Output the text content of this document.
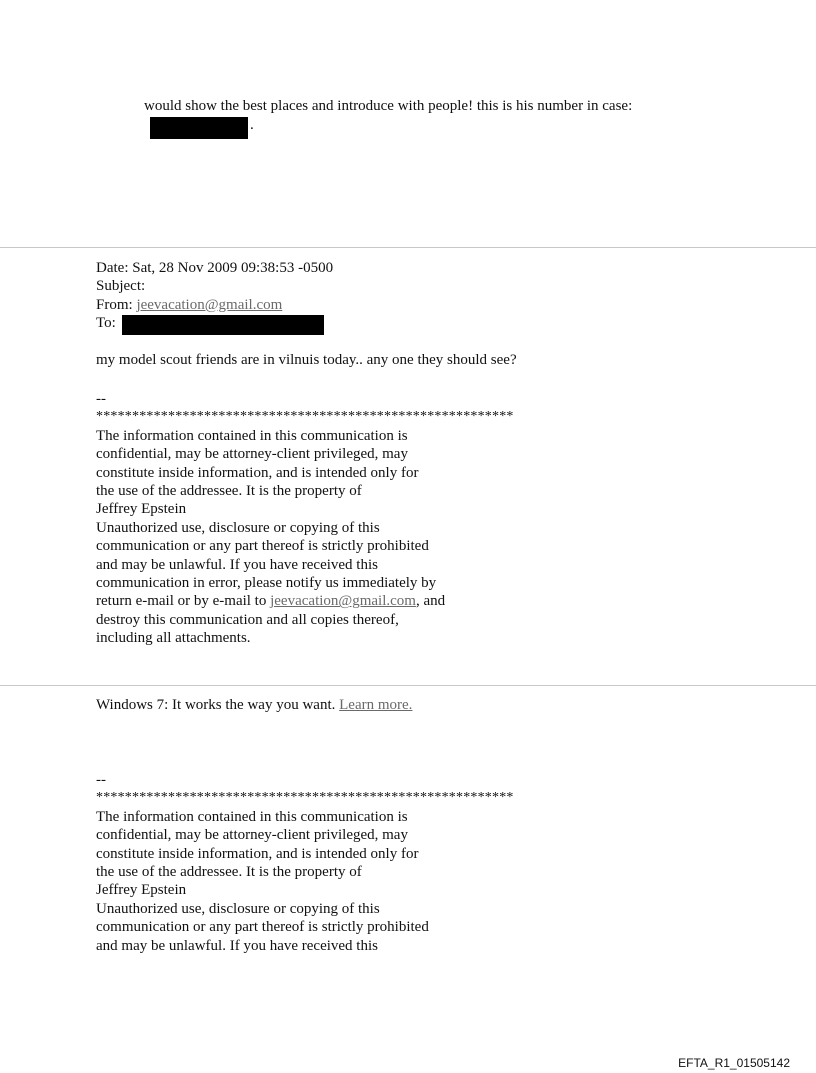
would show the best places and introduce with people! this is his number in case:
.
Date: Sat, 28 Nov 2009 09:38:53 -0500
Subject:
From: jeevacation@gmail.com
To:
my model scout friends are in vilnuis today.. any one they should see?
--
**********************************************************
The information contained in this communication is
confidential, may be attorney-client privileged, may
constitute inside information, and is intended only for
the use of the addressee. It is the property of
Jeffrey Epstein
Unauthorized use, disclosure or copying of this
communication or any part thereof is strictly prohibited
and may be unlawful. If you have received this
communication in error, please notify us immediately by
return e-mail or by e-mail to jeevacation@gmail.com, and
destroy this communication and all copies thereof,
including all attachments.
Windows 7: It works the way you want. Learn more.
--
**********************************************************
The information contained in this communication is
confidential, may be attorney-client privileged, may
constitute inside information, and is intended only for
the use of the addressee. It is the property of
Jeffrey Epstein
Unauthorized use, disclosure or copying of this
communication or any part thereof is strictly prohibited
and may be unlawful. If you have received this
EFTA_R1_01505142
